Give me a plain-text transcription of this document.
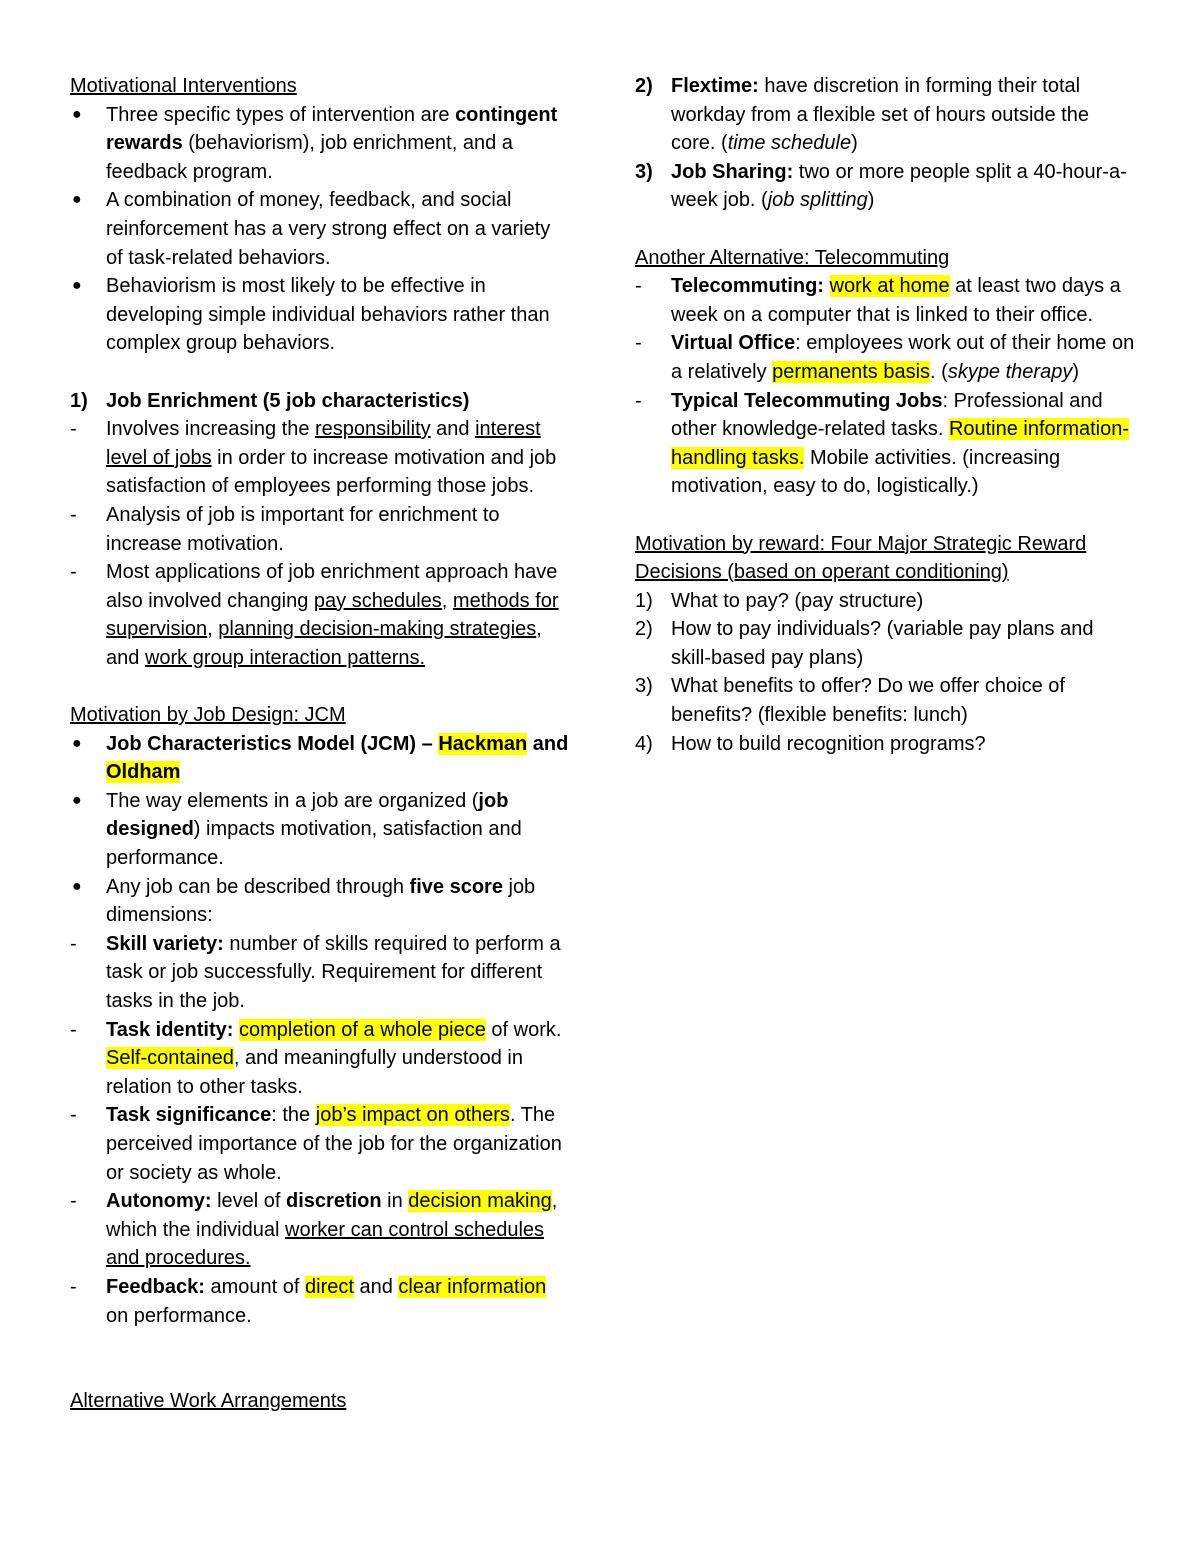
Motivational Interventions

●	Three specific types of intervention are contingent rewards (behaviorism), job enrichment, and a feedback program.
●	A combination of money, feedback, and social reinforcement has a very strong effect on a variety of task-related behaviors.
●	Behaviorism is most likely to be effective in developing simple individual behaviors rather than complex group behaviors.
1) Job Enrichment (5 job characteristics)
-	Involves increasing the responsibility and interest level of jobs in order to increase motivation and job satisfaction of employees performing those jobs.
-	Analysis of job is important for enrichment to increase motivation.
-	Most applications of job enrichment approach have also involved changing pay schedules, methods for supervision, planning decision-making strategies, and work group interaction patterns.

Motivation by Job Design: JCM

●	Job Characteristics Model (JCM) – Hackman and Oldham
●	The way elements in a job are organized (job designed) impacts motivation, satisfaction and performance.
●	Any job can be described through five score job dimensions:
-	Skill variety: number of skills required to perform a task or job successfully. Requirement for different tasks in the job.
-	Task identity: completion of a whole piece of work. Self-contained, and meaningfully understood in relation to other tasks.
-	Task significance: the job’s impact on others. The perceived importance of the job for the organization or society as whole.
-	Autonomy: level of discretion in decision making, which the individual worker can control schedules and procedures.
-	Feedback: amount of direct and clear information on performance.

Alternative Work Arrangements

2) Flextime: have discretion in forming their total workday from a flexible set of hours outside the core. (time schedule)
3) Job Sharing: two or more people split a 40-hour-a-week job. (job splitting)

Another Alternative: Telecommuting

-	Telecommuting: work at home at least two days a week on a computer that is linked to their office.
-	Virtual Office: employees work out of their home on a relatively permanents basis. (skype therapy)
-	Typical Telecommuting Jobs: Professional and other knowledge-related tasks. Routine information-handling tasks. Mobile activities. (increasing motivation, easy to do, logistically.)

Motivation by reward: Four Major Strategic Reward Decisions (based on operant conditioning)

1) What to pay? (pay structure)
2) How to pay individuals? (variable pay plans and skill-based pay plans)
3) What benefits to offer? Do we offer choice of benefits? (flexible benefits: lunch)
4) How to build recognition programs?
